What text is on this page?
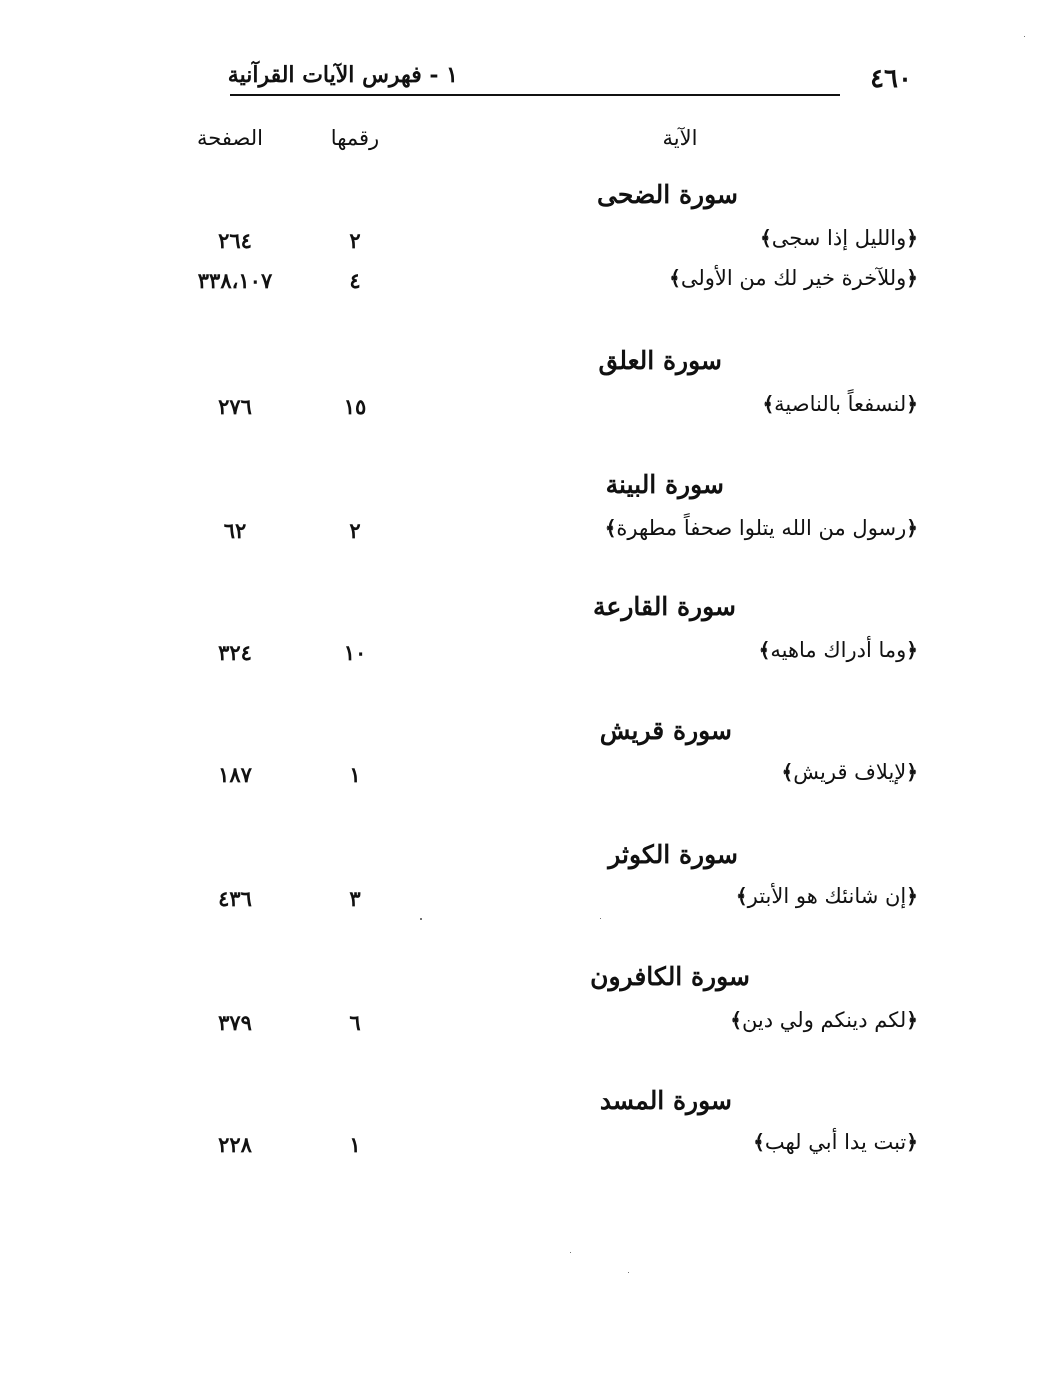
٤٦٠
١ - فهرس الآيات القرآنية
الآية
رقمها
الصفحة
سورة الضحى
﴿والليل إذا سجى﴾
٢
٢٦٤
﴿وللآخرة خير لك من الأولى﴾
٤
٣٣٨،١٠٧
سورة العلق
﴿لنسفعاً بالناصية﴾
١٥
٢٧٦
سورة البينة
﴿رسول من الله يتلوا صحفاً مطهرة﴾
٢
٦٢
سورة القارعة
﴿وما أدراك ماهيه﴾
١٠
٣٢٤
سورة قريش
﴿لإيلاف قريش﴾
١
١٨٧
سورة الكوثر
﴿إن شانئك هو الأبتر﴾
٣
٤٣٦
سورة الكافرون
﴿لكم دينكم ولي دين﴾
٦
٣٧٩
سورة المسد
﴿تبت يدا أبي لهب﴾
١
٢٢٨
